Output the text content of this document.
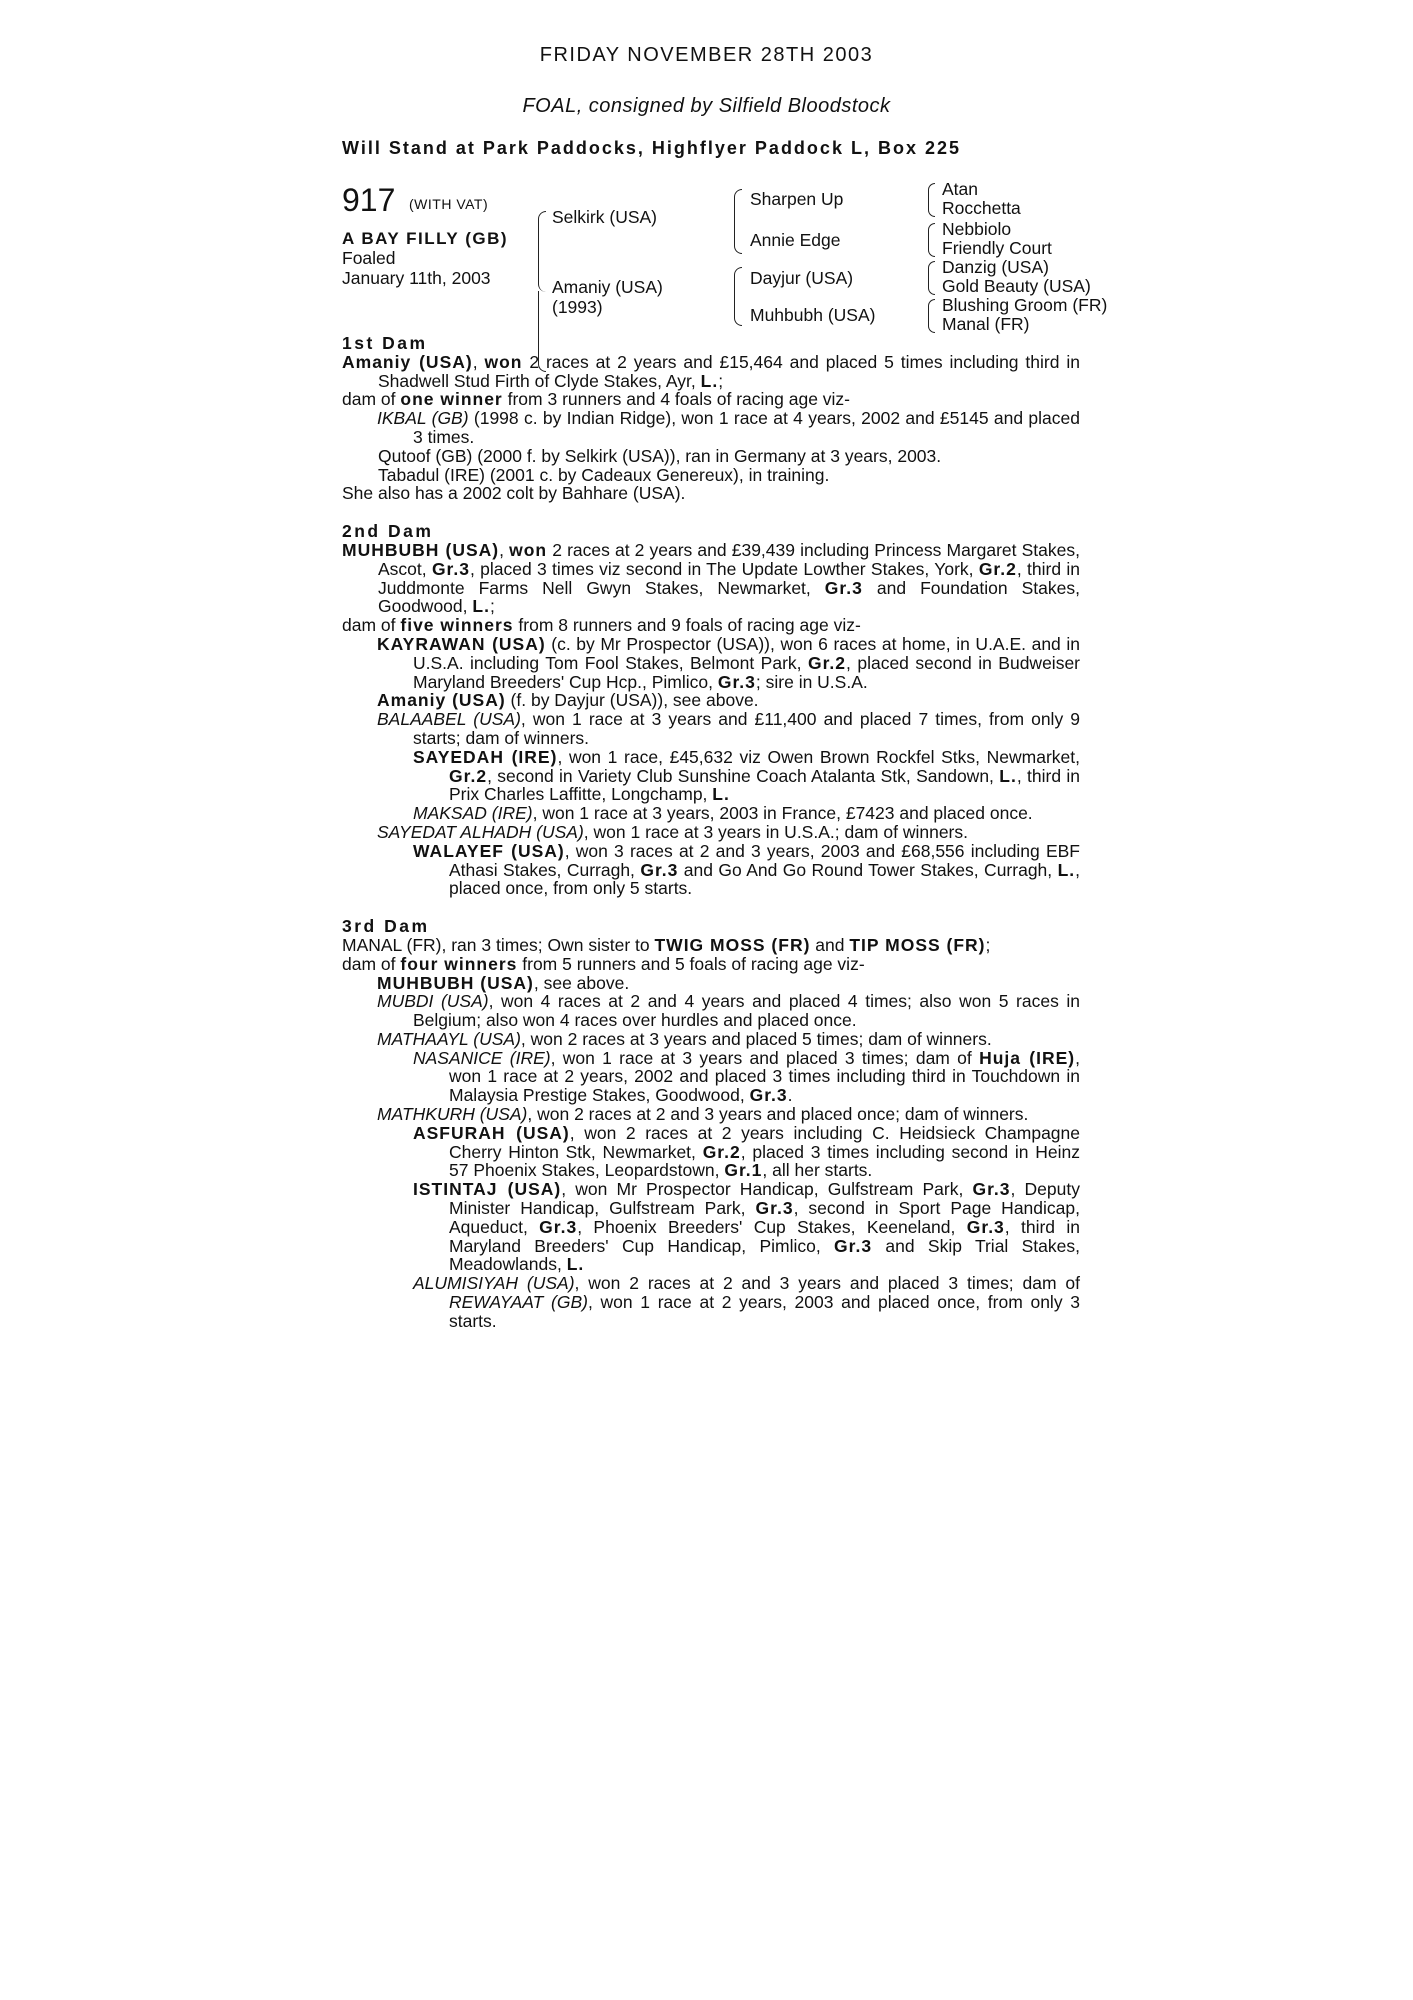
FRIDAY NOVEMBER 28TH 2003
FOAL, consigned by Silfield Bloodstock
Will Stand at Park Paddocks, Highflyer Paddock L, Box 225
917 (WITH VAT)
A BAY FILLY (GB)
Foaled
January 11th, 2003
Selkirk (USA)
Amaniy (USA)
(1993)
Sharpen Up
Annie Edge
Dayjur (USA)
Muhbubh (USA)
Atan
Rocchetta
Nebbiolo
Friendly Court
Danzig (USA)
Gold Beauty (USA)
Blushing Groom (FR)
Manal (FR)

1st Dam

Amaniy (USA), won 2 races at 2 years and £15,464 and placed 5 times including third in Shadwell Stud Firth of Clyde Stakes, Ayr, L.;

dam of one winner from 3 runners and 4 foals of racing age viz-

IKBAL (GB) (1998 c. by Indian Ridge), won 1 race at 4 years, 2002 and £5145 and placed 3 times.

Qutoof (GB) (2000 f. by Selkirk (USA)), ran in Germany at 3 years, 2003.

Tabadul (IRE) (2001 c. by Cadeaux Genereux), in training.

She also has a 2002 colt by Bahhare (USA).

2nd Dam

MUHBUBH (USA), won 2 races at 2 years and £39,439 including Princess Margaret Stakes, Ascot, Gr.3, placed 3 times viz second in The Update Lowther Stakes, York, Gr.2, third in Juddmonte Farms Nell Gwyn Stakes, Newmarket, Gr.3 and Foundation Stakes, Goodwood, L.;

dam of five winners from 8 runners and 9 foals of racing age viz-

KAYRAWAN (USA) (c. by Mr Prospector (USA)), won 6 races at home, in U.A.E. and in U.S.A. including Tom Fool Stakes, Belmont Park, Gr.2, placed second in Budweiser Maryland Breeders' Cup Hcp., Pimlico, Gr.3; sire in U.S.A.

Amaniy (USA) (f. by Dayjur (USA)), see above.

BALAABEL (USA), won 1 race at 3 years and £11,400 and placed 7 times, from only 9 starts; dam of winners.

SAYEDAH (IRE), won 1 race, £45,632 viz Owen Brown Rockfel Stks, Newmarket, Gr.2, second in Variety Club Sunshine Coach Atalanta Stk, Sandown, L., third in Prix Charles Laffitte, Longchamp, L.

MAKSAD (IRE), won 1 race at 3 years, 2003 in France, £7423 and placed once.

SAYEDAT ALHADH (USA), won 1 race at 3 years in U.S.A.; dam of winners.

WALAYEF (USA), won 3 races at 2 and 3 years, 2003 and £68,556 including EBF Athasi Stakes, Curragh, Gr.3 and Go And Go Round Tower Stakes, Curragh, L., placed once, from only 5 starts.

3rd Dam

MANAL (FR), ran 3 times; Own sister to TWIG MOSS (FR) and TIP MOSS (FR);

dam of four winners from 5 runners and 5 foals of racing age viz-

MUHBUBH (USA), see above.

MUBDI (USA), won 4 races at 2 and 4 years and placed 4 times; also won 5 races in Belgium; also won 4 races over hurdles and placed once.

MATHAAYL (USA), won 2 races at 3 years and placed 5 times; dam of winners.

NASANICE (IRE), won 1 race at 3 years and placed 3 times; dam of Huja (IRE), won 1 race at 2 years, 2002 and placed 3 times including third in Touchdown in Malaysia Prestige Stakes, Goodwood, Gr.3.

MATHKURH (USA), won 2 races at 2 and 3 years and placed once; dam of winners.

ASFURAH (USA), won 2 races at 2 years including C. Heidsieck Champagne Cherry Hinton Stk, Newmarket, Gr.2, placed 3 times including second in Heinz 57 Phoenix Stakes, Leopardstown, Gr.1, all her starts.

ISTINTAJ (USA), won Mr Prospector Handicap, Gulfstream Park, Gr.3, Deputy Minister Handicap, Gulfstream Park, Gr.3, second in Sport Page Handicap, Aqueduct, Gr.3, Phoenix Breeders' Cup Stakes, Keeneland, Gr.3, third in Maryland Breeders' Cup Handicap, Pimlico, Gr.3 and Skip Trial Stakes, Meadowlands, L.

ALUMISIYAH (USA), won 2 races at 2 and 3 years and placed 3 times; dam of REWAYAAT (GB), won 1 race at 2 years, 2003 and placed once, from only 3 starts.
